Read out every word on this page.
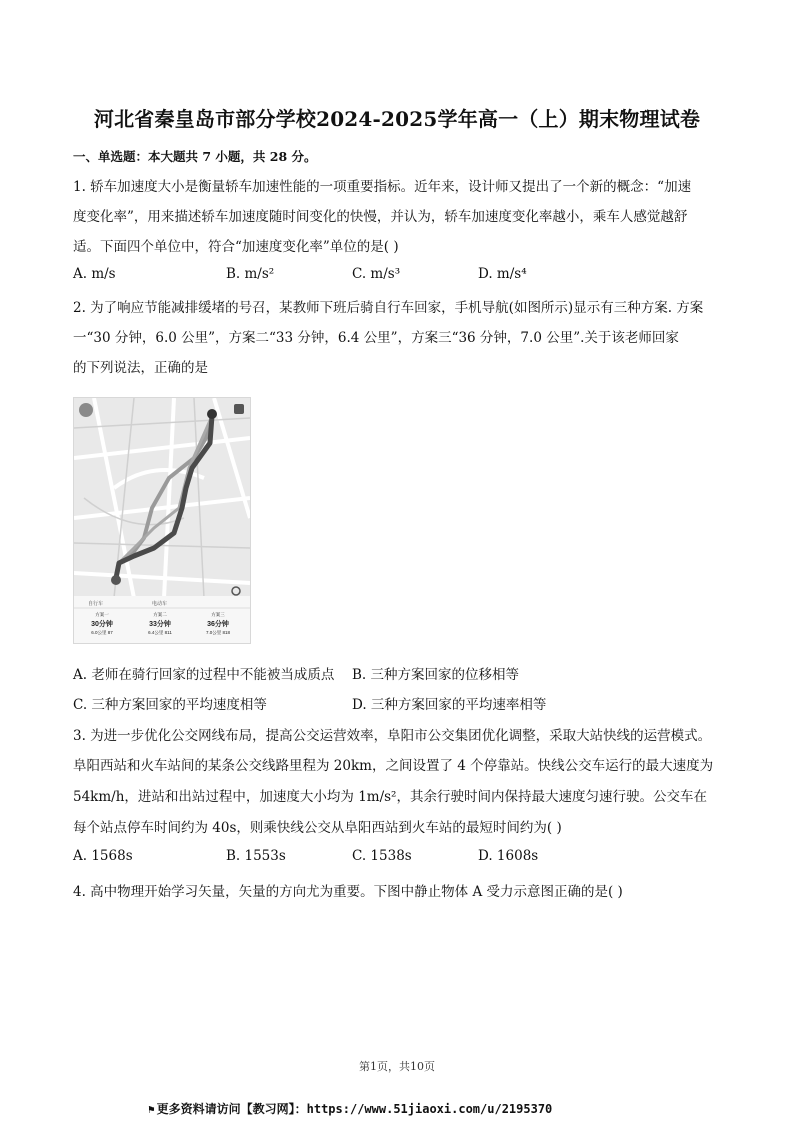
河北省秦皇岛市部分学校2024-2025学年高一（上）期末物理试卷
一、单选题：本大题共 7 小题，共 28 分。
1. 轿车加速度大小是衡量轿车加速性能的一项重要指标。近年来，设计师又提出了一个新的概念：“加速
度变化率”，用来描述轿车加速度随时间变化的快慢，并认为，轿车加速度变化率越小，乘车人感觉越舒
适。下面四个单位中，符合“加速度变化率”单位的是( )
A. m/s	B. m/s²	C. m/s³	D. m/s⁴
2. 为了响应节能减排缓堵的号召，某教师下班后骑自行车回家，手机导航(如图所示)显示有三种方案. 方案
一“30 分钟，6.0 公里”，方案二“33 分钟，6.4 公里”，方案三“36 分钟，7.0 公里”.关于该老师回家
的下列说法，正确的是
自行车	电动车
方案一
30分钟
6.0公里 87
方案二
33分钟
6.4公里 811
方案三
36分钟
7.0公里 818
A. 老师在骑行回家的过程中不能被当成质点 B. 三种方案回家的位移相等
C. 三种方案回家的平均速度相等	D. 三种方案回家的平均速率相等
3. 为进一步优化公交网线布局，提高公交运营效率，阜阳市公交集团优化调整，采取大站快线的运营模式。
阜阳西站和火车站间的某条公交线路里程为 20km，之间设置了 4 个停靠站。快线公交车运行的最大速度为
54km/h，进站和出站过程中，加速度大小均为 1m/s²，其余行驶时间内保持最大速度匀速行驶。公交车在
每个站点停车时间约为 40s，则乘快线公交从阜阳西站到火车站的最短时间约为( )
A. 1568s	B. 1553s	C. 1538s	D. 1608s
4. 高中物理开始学习矢量，矢量的方向尤为重要。下图中静止物体 A 受力示意图正确的是( )
第1页，共10页
⚑ 更多资料请访问【教习网】：https://www.51jiaoxi.com/u/2195370
